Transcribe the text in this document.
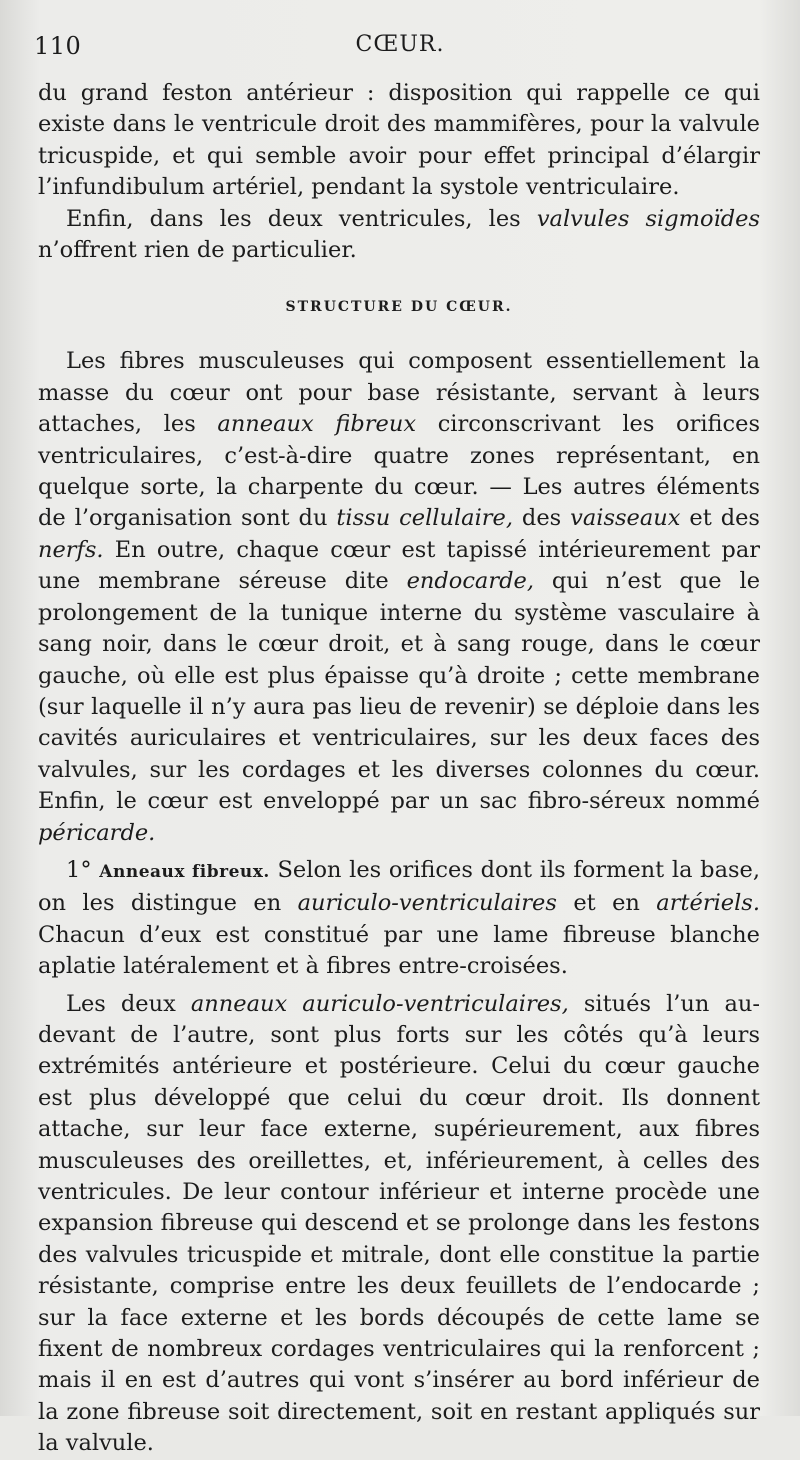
110	CŒUR.

du grand feston antérieur : disposition qui rappelle ce qui existe dans le ventricule droit des mammifères, pour la valvule tricuspide, et qui semble avoir pour effet principal d’élargir l’infundibulum artériel, pendant la systole ventriculaire.

Enfin, dans les deux ventricules, les valvules sigmoïdes n’offrent rien de particulier.

STRUCTURE DU CŒUR.

Les fibres musculeuses qui composent essentiellement la masse du cœur ont pour base résistante, servant à leurs attaches, les anneaux fibreux circonscrivant les orifices ventriculaires, c’est-à-dire quatre zones représentant, en quelque sorte, la charpente du cœur. — Les autres éléments de l’organisation sont du tissu cellulaire, des vaisseaux et des nerfs. En outre, chaque cœur est tapissé intérieurement par une membrane séreuse dite endocarde, qui n’est que le prolongement de la tunique interne du système vasculaire à sang noir, dans le cœur droit, et à sang rouge, dans le cœur gauche, où elle est plus épaisse qu’à droite ; cette membrane (sur laquelle il n’y aura pas lieu de revenir) se déploie dans les cavités auriculaires et ventriculaires, sur les deux faces des valvules, sur les cordages et les diverses colonnes du cœur. Enfin, le cœur est enveloppé par un sac fibro-séreux nommé péricarde.

1° Anneaux fibreux. Selon les orifices dont ils forment la base, on les distingue en auriculo-ventriculaires et en artériels. Chacun d’eux est constitué par une lame fibreuse blanche aplatie latéralement et à fibres entre-croisées.

Les deux anneaux auriculo-ventriculaires, situés l’un au-devant de l’autre, sont plus forts sur les côtés qu’à leurs extrémités antérieure et postérieure. Celui du cœur gauche est plus développé que celui du cœur droit. Ils donnent attache, sur leur face externe, supérieurement, aux fibres musculeuses des oreillettes, et, inférieurement, à celles des ventricules. De leur contour inférieur et interne procède une expansion fibreuse qui descend et se prolonge dans les festons des valvules tricuspide et mitrale, dont elle constitue la partie résistante, comprise entre les deux feuillets de l’endocarde ; sur la face externe et les bords découpés de cette lame se fixent de nombreux cordages ventriculaires qui la renforcent ; mais il en est d’autres qui vont s’insérer au bord inférieur de la zone fibreuse soit directement, soit en restant appliqués sur la valvule.
